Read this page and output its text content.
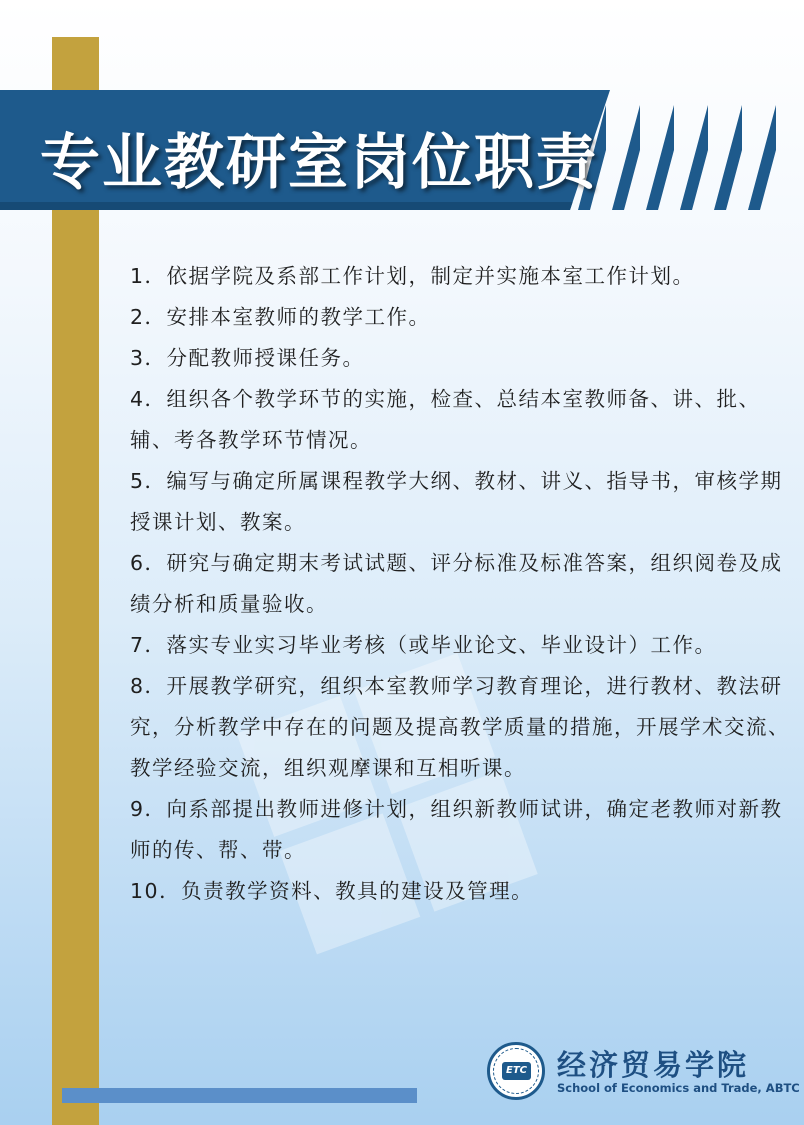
专业教研室岗位职责

1．依据学院及系部工作计划，制定并实施本室工作计划。

2．安排本室教师的教学工作。

3．分配教师授课任务。

4．组织各个教学环节的实施，检查、总结本室教师备、讲、批、辅、考各教学环节情况。

5．编写与确定所属课程教学大纲、教材、讲义、指导书，审核学期授课计划、教案。

6．研究与确定期末考试试题、评分标准及标准答案，组织阅卷及成绩分析和质量验收。

7．落实专业实习毕业考核（或毕业论文、毕业设计）工作。

8．开展教学研究，组织本室教师学习教育理论，进行教材、教法研究，分析教学中存在的问题及提高教学质量的措施，开展学术交流、教学经验交流，组织观摩课和互相听课。

9．向系部提出教师进修计划，组织新教师试讲，确定老教师对新教师的传、帮、带。

10．负责教学资料、教具的建设及管理。

ETC 经济贸易学院
School of Economics and Trade, ABTC
